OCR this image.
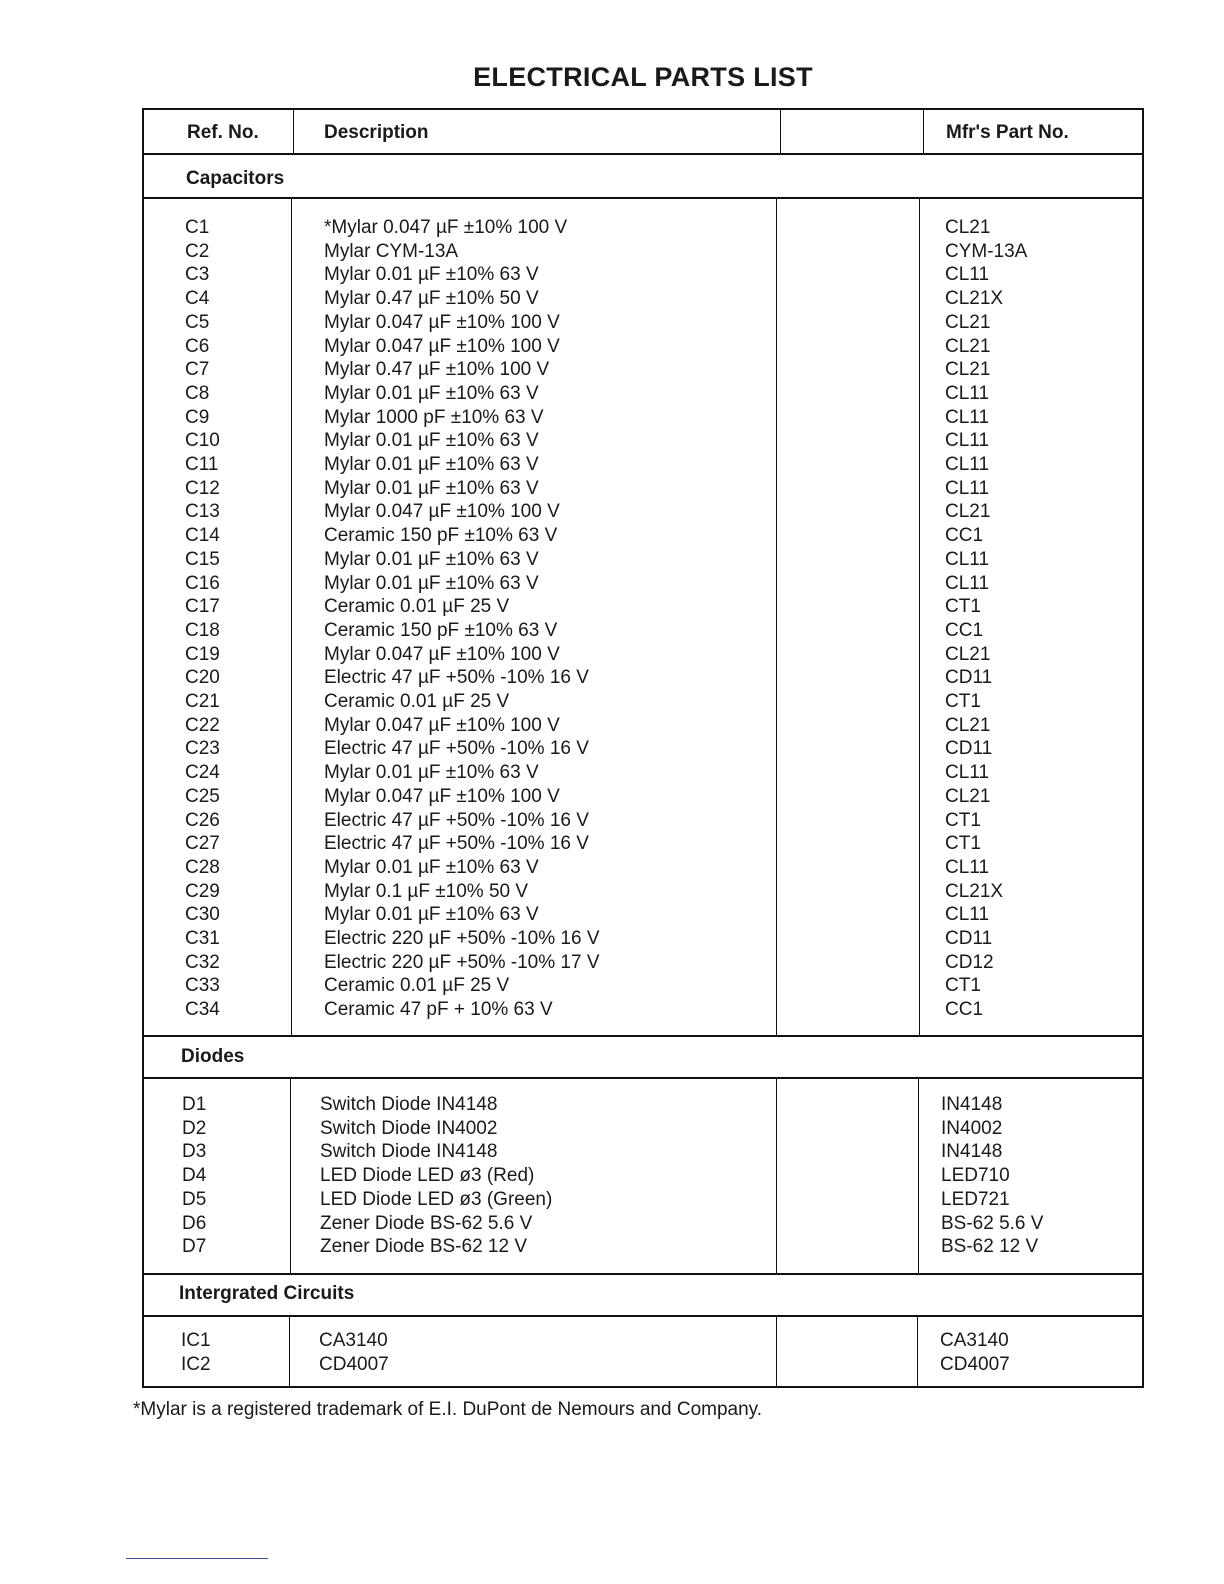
ELECTRICAL PARTS LIST
Ref. No.	Description	Mfr's Part No.
Capacitors
C1	*Mylar 0.047 µF ±10% 100 V	CL21
C2	Mylar CYM-13A	CYM-13A
C3	Mylar 0.01 µF ±10% 63 V	CL11
C4	Mylar 0.47 µF ±10% 50 V	CL21X
C5	Mylar 0.047 µF ±10% 100 V	CL21
C6	Mylar 0.047 µF ±10% 100 V	CL21
C7	Mylar 0.47 µF ±10% 100 V	CL21
C8	Mylar 0.01 µF ±10% 63 V	CL11
C9	Mylar 1000 pF ±10% 63 V	CL11
C10	Mylar 0.01 µF ±10% 63 V	CL11
C11	Mylar 0.01 µF ±10% 63 V	CL11
C12	Mylar 0.01 µF ±10% 63 V	CL11
C13	Mylar 0.047 µF ±10% 100 V	CL21
C14	Ceramic 150 pF ±10% 63 V	CC1
C15	Mylar 0.01 µF ±10% 63 V	CL11
C16	Mylar 0.01 µF ±10% 63 V	CL11
C17	Ceramic 0.01 µF 25 V	CT1
C18	Ceramic 150 pF ±10% 63 V	CC1
C19	Mylar 0.047 µF ±10% 100 V	CL21
C20	Electric 47 µF +50% -10% 16 V	CD11
C21	Ceramic 0.01 µF 25 V	CT1
C22	Mylar 0.047 µF ±10% 100 V	CL21
C23	Electric 47 µF +50% -10% 16 V	CD11
C24	Mylar 0.01 µF ±10% 63 V	CL11
C25	Mylar 0.047 µF ±10% 100 V	CL21
C26	Electric 47 µF +50% -10% 16 V	CT1
C27	Electric 47 µF +50% -10% 16 V	CT1
C28	Mylar 0.01 µF ±10% 63 V	CL11
C29	Mylar 0.1 µF ±10% 50 V	CL21X
C30	Mylar 0.01 µF ±10% 63 V	CL11
C31	Electric 220 µF +50% -10% 16 V	CD11
C32	Electric 220 µF +50% -10% 17 V	CD12
C33	Ceramic 0.01 µF 25 V	CT1
C34	Ceramic 47 pF + 10% 63 V	CC1
Diodes
D1	Switch Diode IN4148	IN4148
D2	Switch Diode IN4002	IN4002
D3	Switch Diode IN4148	IN4148
D4	LED Diode LED ø3 (Red)	LED710
D5	LED Diode LED ø3 (Green)	LED721
D6	Zener Diode BS-62 5.6 V	BS-62 5.6 V
D7	Zener Diode BS-62 12 V	BS-62 12 V
Intergrated Circuits
IC1	CA3140	CA3140
IC2	CD4007	CD4007
*Mylar is a registered trademark of E.I. DuPont de Nemours and Company.
